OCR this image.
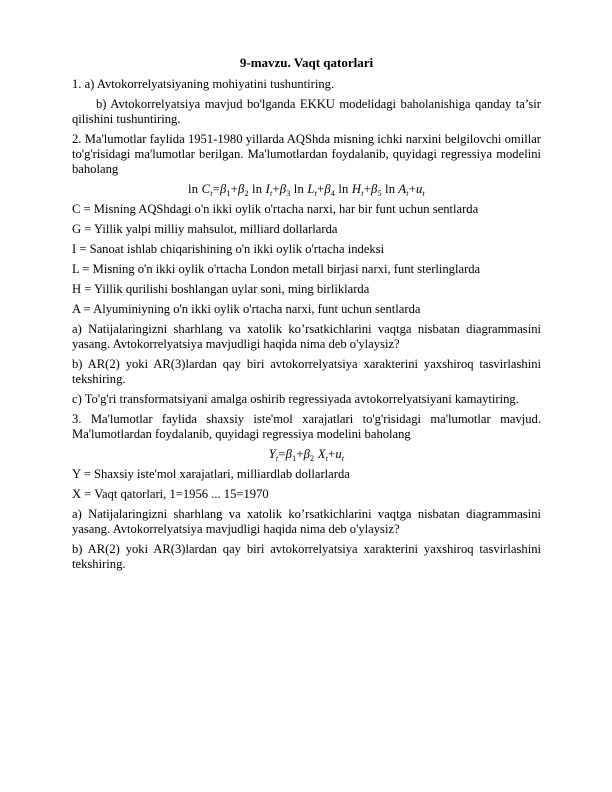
9-mavzu. Vaqt qatorlari

1. a) Avtokorrelyatsiyaning mohiyatini tushuntiring.

b) Avtokorrelyatsiya mavjud bo'lganda EKKU modelidagi baholanishiga qanday ta’sir qilishini tushuntiring.

2. Ma'lumotlar faylida 1951-1980 yillarda AQShda misning ichki narxini belgilovchi omillar to'g'risidagi ma'lumotlar berilgan. Ma'lumotlardan foydalanib, quyidagi regressiya modelini baholang

$\ln C_t=\beta_1+\beta_2$ $\ln I_t+\beta_3$ $\ln L_t+\beta_4$ $\ln H_t+\beta_5$ $\ln A_t+u_t$

C = Misning AQShdagi o'n ikki oylik o'rtacha narxi, har bir funt uchun sentlarda

G = Yillik yalpi milliy mahsulot, milliard dollarlarda

I = Sanoat ishlab chiqarishining o'n ikki oylik o'rtacha indeksi

L = Misning o'n ikki oylik o'rtacha London metall birjasi narxi, funt sterlinglarda

H = Yillik qurilishi boshlangan uylar soni, ming birliklarda

A = Alyuminiyning o'n ikki oylik o'rtacha narxi, funt uchun sentlarda

a) Natijalaringizni sharhlang va xatolik ko’rsatkichlarini vaqtga nisbatan diagrammasini yasang. Avtokorrelyatsiya mavjudligi haqida nima deb o'ylaysiz?

b) AR(2) yoki AR(3)lardan qay biri avtokorrelyatsiya xarakterini yaxshiroq tasvirlashini tekshiring.

c) To'g'ri transformatsiyani amalga oshirib regressiyada avtokorrelyatsiyani kamaytiring.

3. Ma'lumotlar faylida shaxsiy iste'mol xarajatlari to'g'risidagi ma'lumotlar mavjud. Ma'lumotlardan foydalanib, quyidagi regressiya modelini baholang

$Y_t=\beta_1+\beta_2$ $X_t+u_t$

Y = Shaxsiy iste'mol xarajatlari, milliardlab dollarlarda

X = Vaqt qatorlari, 1=1956 ... 15=1970

a) Natijalaringizni sharhlang va xatolik ko’rsatkichlarini vaqtga nisbatan diagrammasini yasang. Avtokorrelyatsiya mavjudligi haqida nima deb o'ylaysiz?

b) AR(2) yoki AR(3)lardan qay biri avtokorrelyatsiya xarakterini yaxshiroq tasvirlashini tekshiring.
